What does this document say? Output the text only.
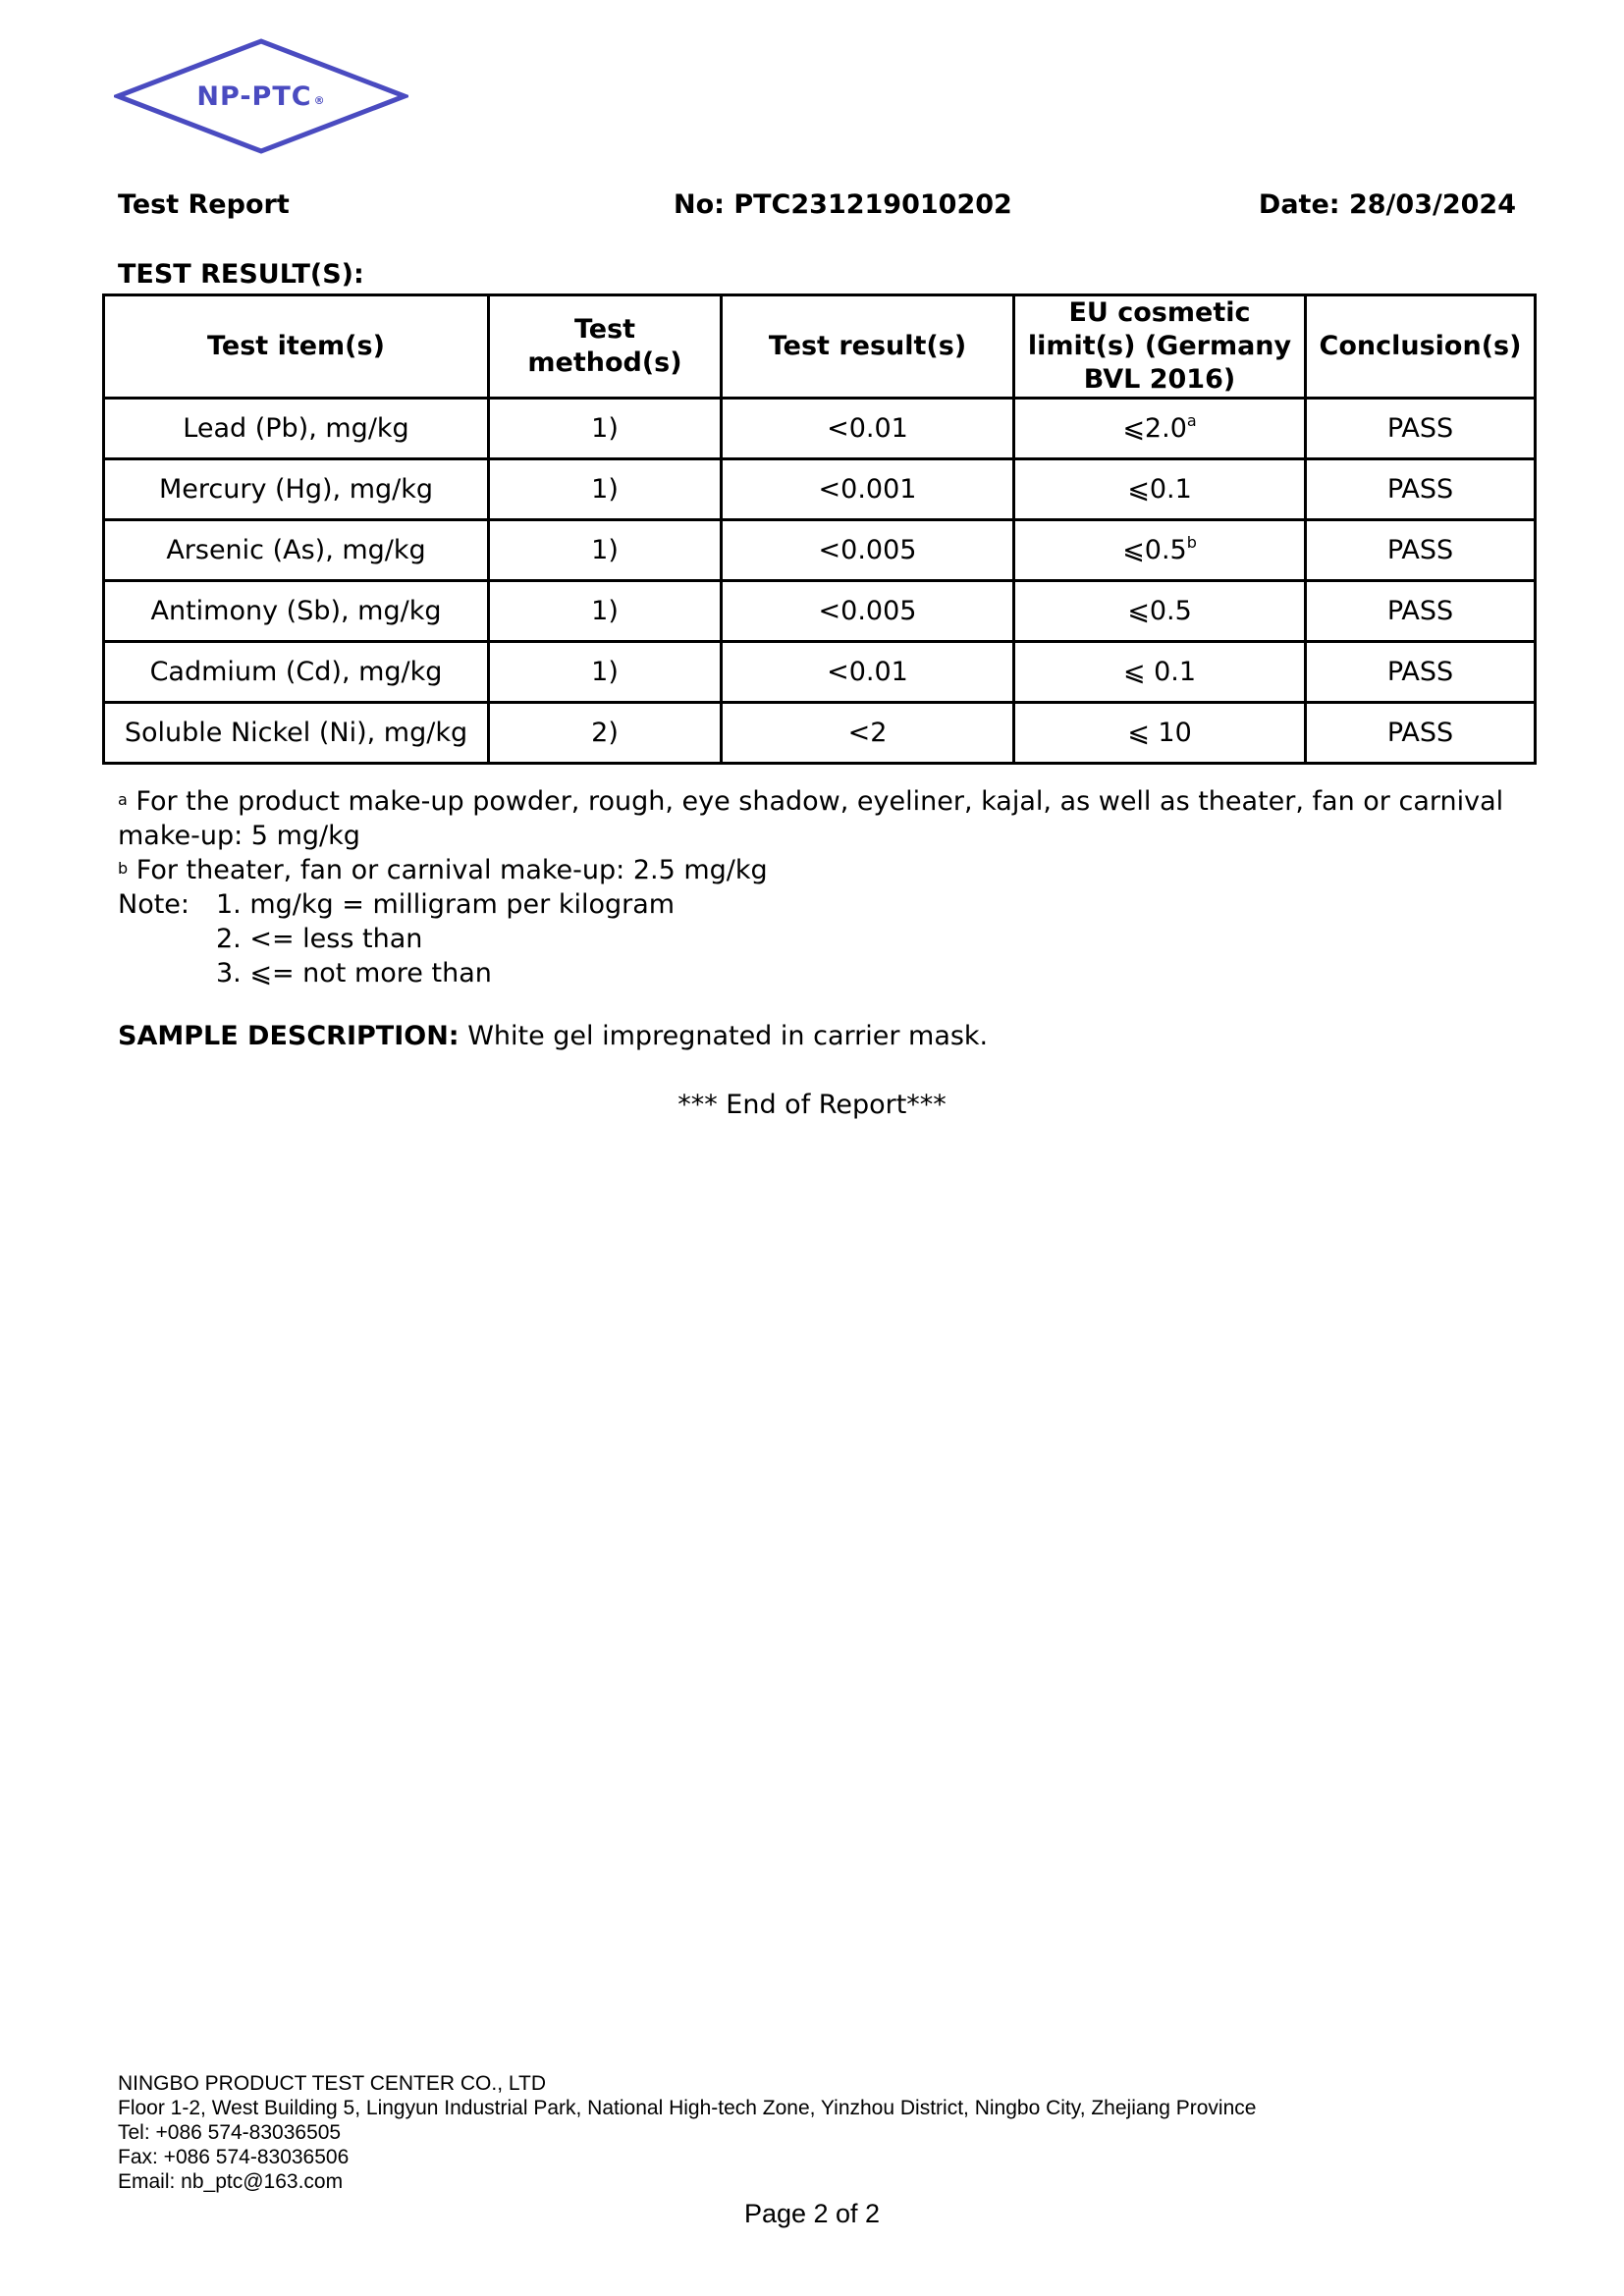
NP-PTC ®
Test Report	No: PTC231219010202	Date: 28/03/2024
TEST RESULT(S):
Test item(s)	Test method(s)	Test result(s)	EU cosmetic limit(s) (Germany BVL 2016)	Conclusion(s)
Lead (Pb), mg/kg	1)	<0.01	⩽2.0$^a$	PASS
Mercury (Hg), mg/kg	1)	<0.001	⩽0.1	PASS
Arsenic (As), mg/kg	1)	<0.005	⩽0.5$^b$	PASS
Antimony (Sb), mg/kg	1)	<0.005	⩽0.5	PASS
Cadmium (Cd), mg/kg	1)	<0.01	⩽ 0.1	PASS
Soluble Nickel (Ni), mg/kg	2)	<2	⩽ 10	PASS
$^a$ For the product make-up powder, rough, eye shadow, eyeliner, kajal, as well as theater, fan or carnival
make-up: 5 mg/kg
$^b$ For theater, fan or carnival make-up: 2.5 mg/kg
Note: 1. mg/kg = milligram per kilogram
2. <= less than
3. ⩽= not more than
SAMPLE DESCRIPTION: White gel impregnated in carrier mask.
*** End of Report***
NINGBO PRODUCT TEST CENTER CO., LTD
Floor 1-2, West Building 5, Lingyun Industrial Park, National High-tech Zone, Yinzhou District, Ningbo City, Zhejiang Province
Tel: +086 574-83036505
Fax: +086 574-83036506
Email: nb_ptc@163.com
Page 2 of 2
